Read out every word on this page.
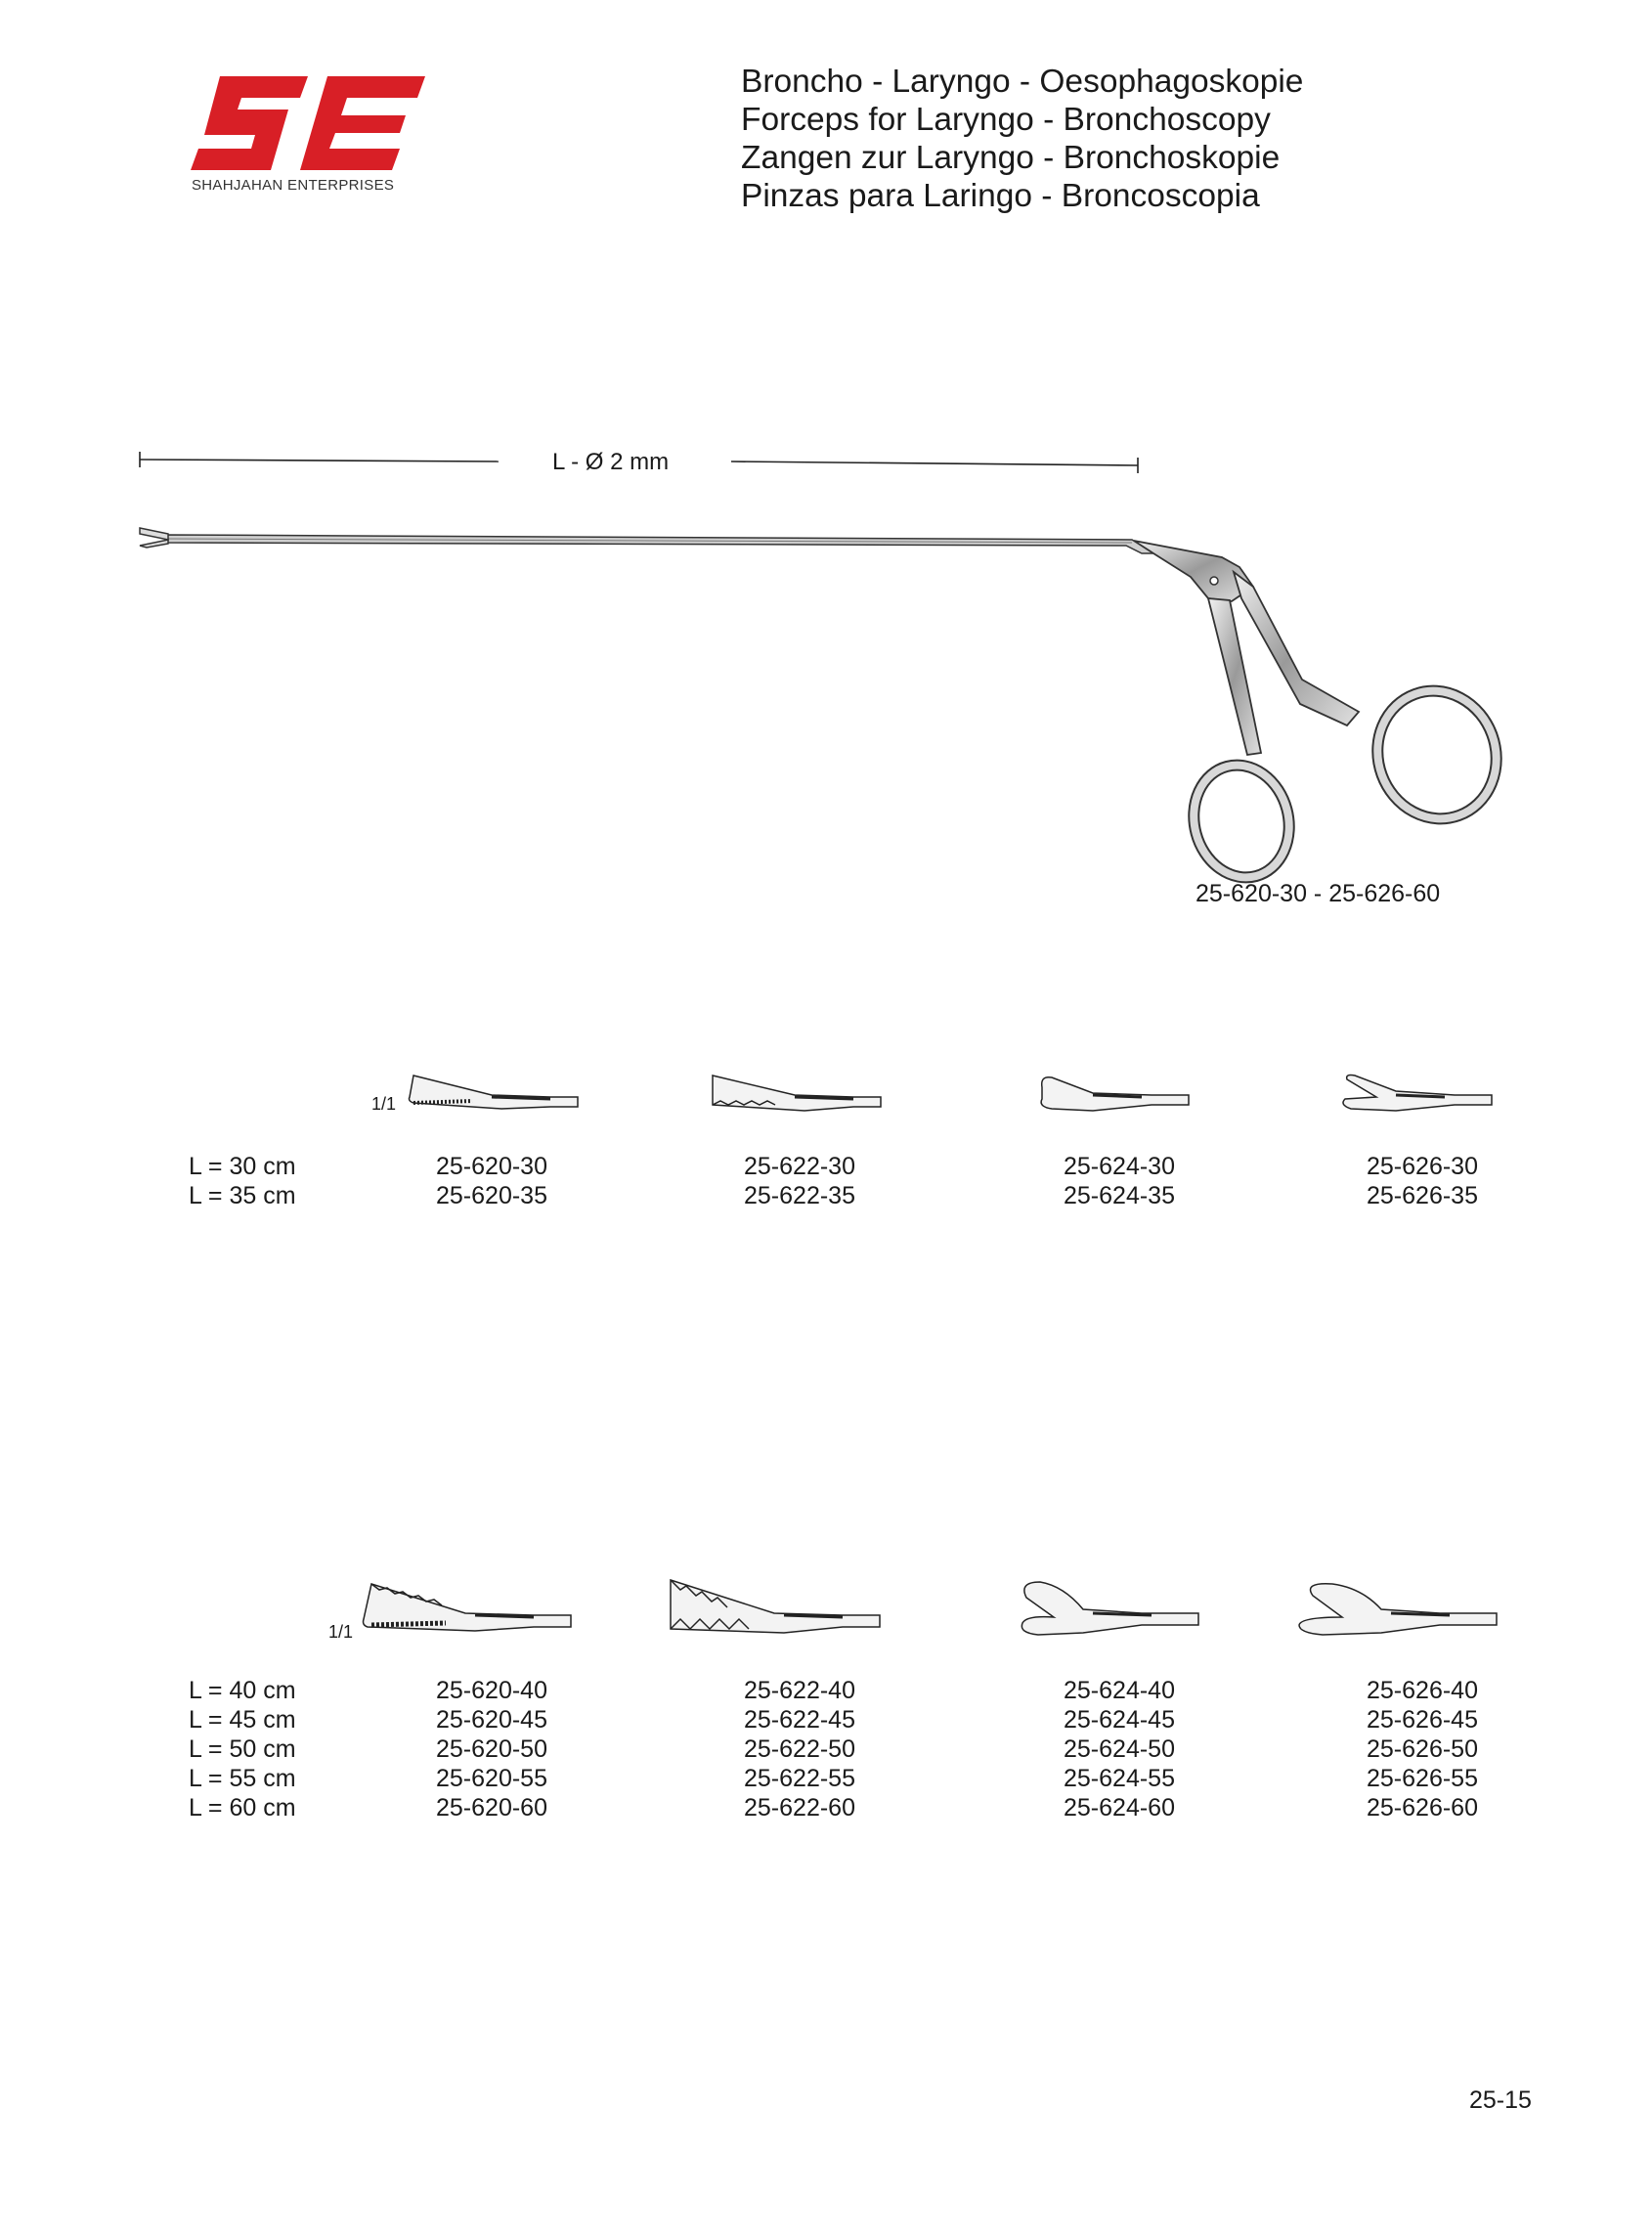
SHAHJAHAN ENTERPRISES
Broncho - Laryngo - Oesophagoskopie
Forceps for Laryngo - Bronchoscopy
Zangen zur Laryngo - Bronchoskopie
Pinzas para Laringo - Broncoscopia
L - Ø 2 mm
25-620-30 - 25-626-60
1/1
L = 30 cm
L = 35 cm
25-620-30
25-620-35
25-622-30
25-622-35
25-624-30
25-624-35
25-626-30
25-626-35
1/1
L = 40 cm
L = 45 cm
L = 50 cm
L = 55 cm
L = 60 cm
25-620-40
25-620-45
25-620-50
25-620-55
25-620-60
25-622-40
25-622-45
25-622-50
25-622-55
25-622-60
25-624-40
25-624-45
25-624-50
25-624-55
25-624-60
25-626-40
25-626-45
25-626-50
25-626-55
25-626-60
25-15
